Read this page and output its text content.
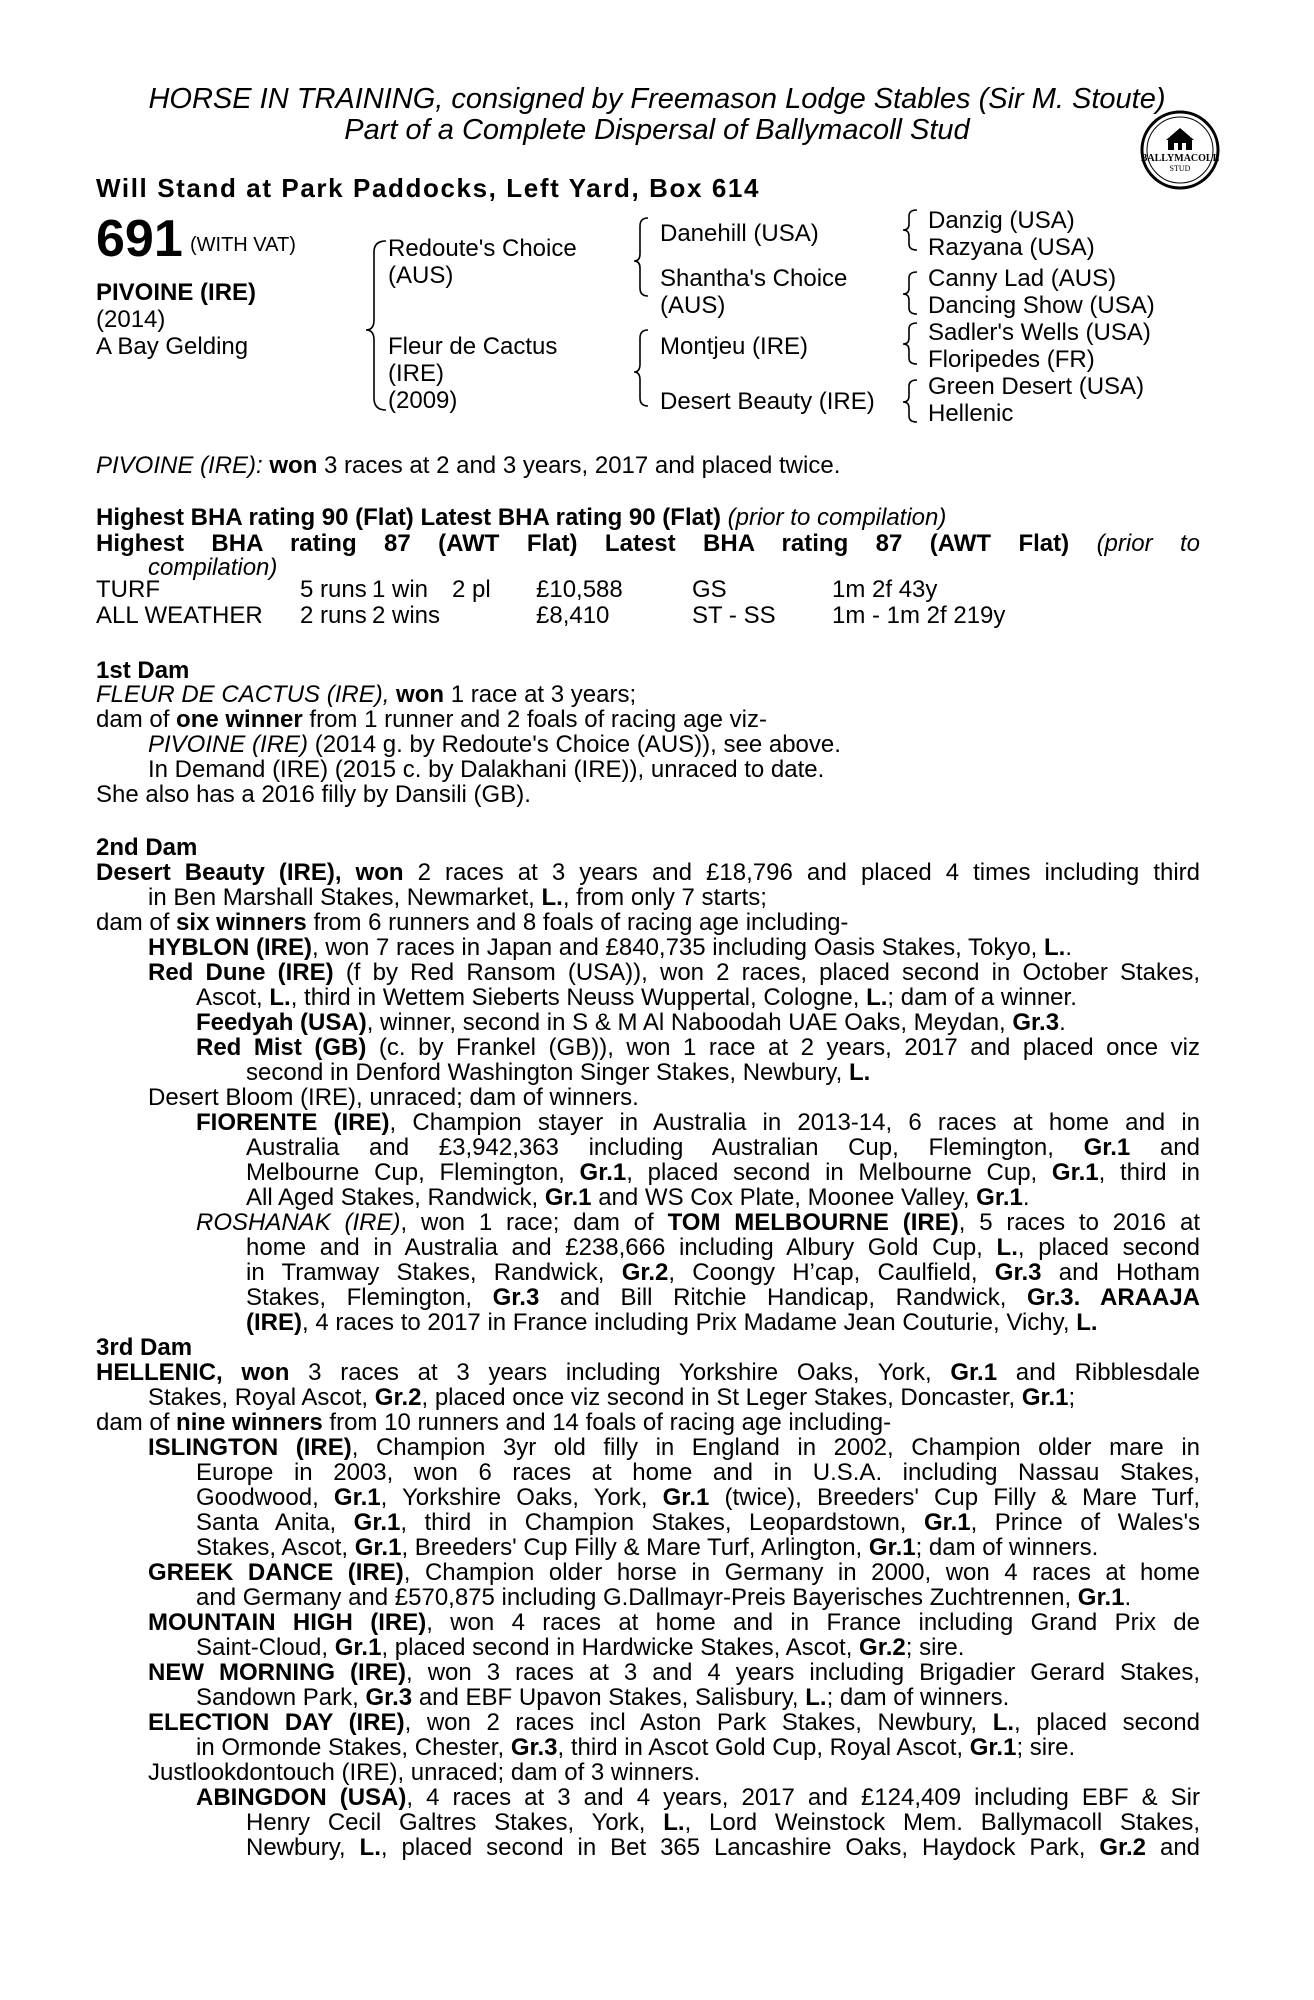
HORSE IN TRAINING, consigned by Freemason Lodge Stables (Sir M. Stoute)
Part of a Complete Dispersal of Ballymacoll Stud
BALLYMACOLL
STUD
Will Stand at Park Paddocks, Left Yard, Box 614
691 (WITH VAT)
PIVOINE (IRE)
(2014)
A Bay Gelding
Redoute's Choice
(AUS)
Fleur de Cactus
(IRE)
(2009)
Danehill (USA)
Shantha's Choice
(AUS)
Montjeu (IRE)
Desert Beauty (IRE)
Danzig (USA)
Razyana (USA)
Canny Lad (AUS)
Dancing Show (USA)
Sadler's Wells (USA)
Floripedes (FR)
Green Desert (USA)
Hellenic
PIVOINE (IRE): won 3 races at 2 and 3 years, 2017 and placed twice.
Highest BHA rating 90 (Flat) Latest BHA rating 90 (Flat) (prior to compilation)
Highest BHA rating 87 (AWT Flat) Latest BHA rating 87 (AWT Flat) (prior to
compilation)
TURF	5 runs	1 win	2 pl	£10,588	GS	1m 2f 43y
ALL WEATHER	2 runs	2 wins		£8,410	ST - SS	1m - 1m 2f 219y
1st Dam
FLEUR DE CACTUS (IRE), won 1 race at 3 years;
dam of one winner from 1 runner and 2 foals of racing age viz-
PIVOINE (IRE) (2014 g. by Redoute's Choice (AUS)), see above.
In Demand (IRE) (2015 c. by Dalakhani (IRE)), unraced to date.
She also has a 2016 filly by Dansili (GB).
2nd Dam
Desert Beauty (IRE), won 2 races at 3 years and £18,796 and placed 4 times including third
in Ben Marshall Stakes, Newmarket, L., from only 7 starts;
dam of six winners from 6 runners and 8 foals of racing age including-
HYBLON (IRE), won 7 races in Japan and £840,735 including Oasis Stakes, Tokyo, L..
Red Dune (IRE) (f by Red Ransom (USA)), won 2 races, placed second in October Stakes,
Ascot, L., third in Wettem Sieberts Neuss Wuppertal, Cologne, L.; dam of a winner.
Feedyah (USA), winner, second in S & M Al Naboodah UAE Oaks, Meydan, Gr.3.
Red Mist (GB) (c. by Frankel (GB)), won 1 race at 2 years, 2017 and placed once viz
second in Denford Washington Singer Stakes, Newbury, L.
Desert Bloom (IRE), unraced; dam of winners.
FIORENTE (IRE), Champion stayer in Australia in 2013-14, 6 races at home and in
Australia and £3,942,363 including Australian Cup, Flemington, Gr.1 and
Melbourne Cup, Flemington, Gr.1, placed second in Melbourne Cup, Gr.1, third in
All Aged Stakes, Randwick, Gr.1 and WS Cox Plate, Moonee Valley, Gr.1.
ROSHANAK (IRE), won 1 race; dam of TOM MELBOURNE (IRE), 5 races to 2016 at
home and in Australia and £238,666 including Albury Gold Cup, L., placed second
in Tramway Stakes, Randwick, Gr.2, Coongy H’cap, Caulfield, Gr.3 and Hotham
Stakes, Flemington, Gr.3 and Bill Ritchie Handicap, Randwick, Gr.3. ARAAJA
(IRE), 4 races to 2017 in France including Prix Madame Jean Couturie, Vichy, L.
3rd Dam
HELLENIC, won 3 races at 3 years including Yorkshire Oaks, York, Gr.1 and Ribblesdale
Stakes, Royal Ascot, Gr.2, placed once viz second in St Leger Stakes, Doncaster, Gr.1;
dam of nine winners from 10 runners and 14 foals of racing age including-
ISLINGTON (IRE), Champion 3yr old filly in England in 2002, Champion older mare in
Europe in 2003, won 6 races at home and in U.S.A. including Nassau Stakes,
Goodwood, Gr.1, Yorkshire Oaks, York, Gr.1 (twice), Breeders' Cup Filly & Mare Turf,
Santa Anita, Gr.1, third in Champion Stakes, Leopardstown, Gr.1, Prince of Wales's
Stakes, Ascot, Gr.1, Breeders' Cup Filly & Mare Turf, Arlington, Gr.1; dam of winners.
GREEK DANCE (IRE), Champion older horse in Germany in 2000, won 4 races at home
and Germany and £570,875 including G.Dallmayr-Preis Bayerisches Zuchtrennen, Gr.1.
MOUNTAIN HIGH (IRE), won 4 races at home and in France including Grand Prix de
Saint-Cloud, Gr.1, placed second in Hardwicke Stakes, Ascot, Gr.2; sire.
NEW MORNING (IRE), won 3 races at 3 and 4 years including Brigadier Gerard Stakes,
Sandown Park, Gr.3 and EBF Upavon Stakes, Salisbury, L.; dam of winners.
ELECTION DAY (IRE), won 2 races incl Aston Park Stakes, Newbury, L., placed second
in Ormonde Stakes, Chester, Gr.3, third in Ascot Gold Cup, Royal Ascot, Gr.1; sire.
Justlookdontouch (IRE), unraced; dam of 3 winners.
ABINGDON (USA), 4 races at 3 and 4 years, 2017 and £124,409 including EBF & Sir
Henry Cecil Galtres Stakes, York, L., Lord Weinstock Mem. Ballymacoll Stakes,
Newbury, L., placed second in Bet 365 Lancashire Oaks, Haydock Park, Gr.2 and
